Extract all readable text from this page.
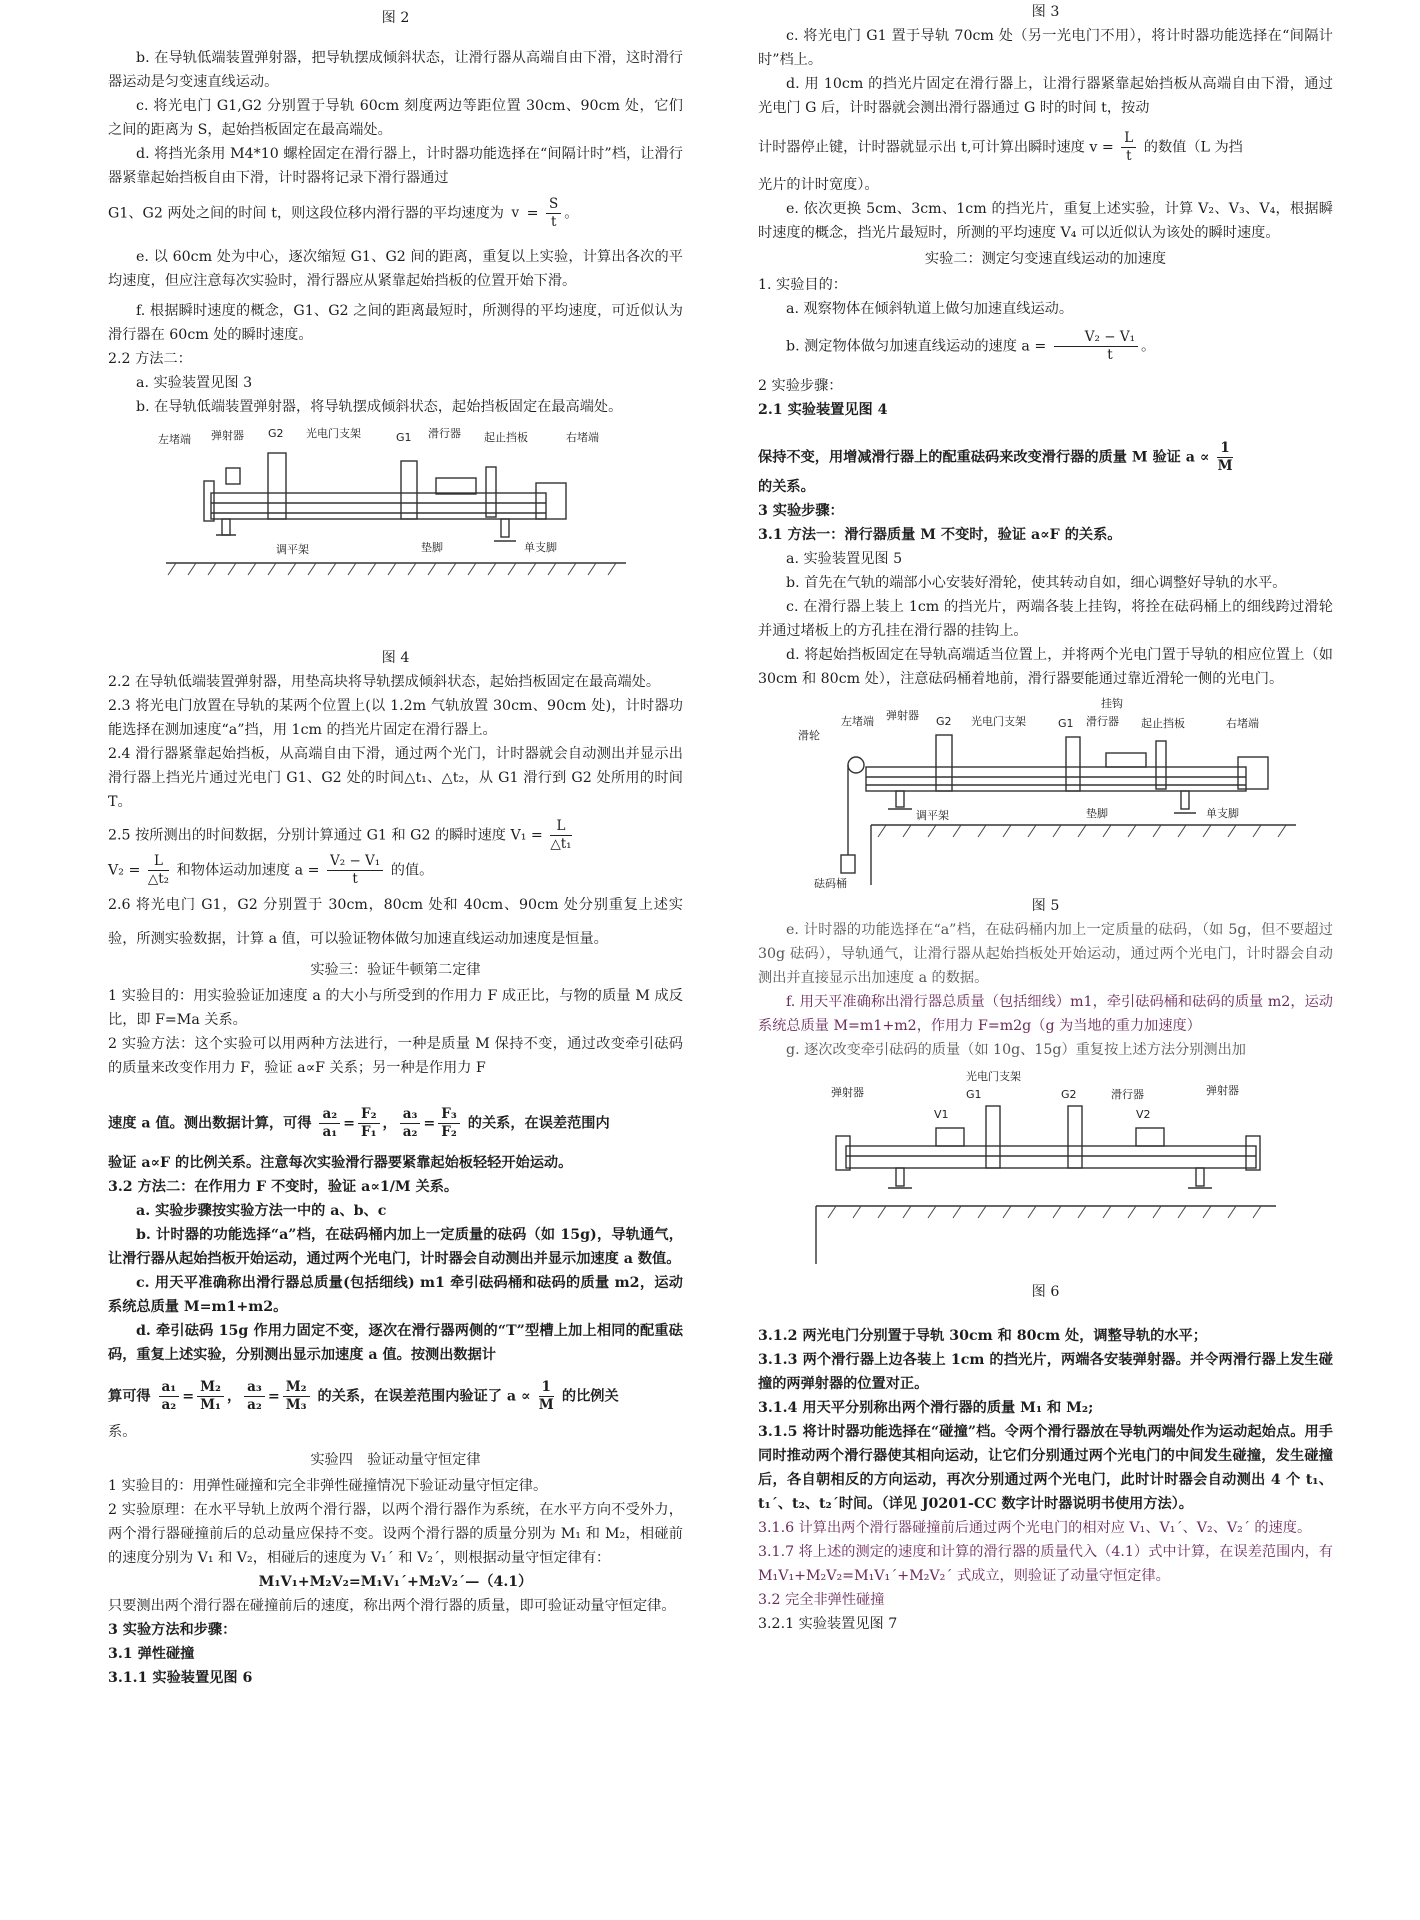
图 2

b. 在导轨低端装置弹射器，把导轨摆成倾斜状态，让滑行器从高端自由下滑，这时滑行器运动是匀变速直线运动。

c. 将光电门 G1,G2 分别置于导轨 60cm 刻度两边等距位置 30cm、90cm 处，它们之间的距离为 S，起始挡板固定在最高端处。

d. 将挡光条用 M4*10 螺栓固定在滑行器上，计时器功能选择在“间隔计时”档，让滑行器紧靠起始挡板自由下滑，计时器将记录下滑行器通过

G1、G2 两处之间的时间 t，则这段位移内滑行器的平均速度为 $v = \frac{S}{t}$ 。

e. 以 60cm 处为中心，逐次缩短 G1、G2 间的距离，重复以上实验，计算出各次的平均速度，但应注意每次实验时，滑行器应从紧靠起始挡板的位置开始下滑。

f. 根据瞬时速度的概念，G1、G2 之间的距离最短时，所测得的平均速度，可近似认为滑行器在 60cm 处的瞬时速度。

2.2 方法二：

a. 实验装置见图 3

b. 在导轨低端装置弹射器，将导轨摆成倾斜状态，起始挡板固定在最高端处。

左堵端 弹射器 G2 光电门支架	G1 滑行器 起止挡板	右堵端
调平架	垫脚	单支脚

图 4

2.2 在导轨低端装置弹射器，用垫高块将导轨摆成倾斜状态，起始挡板固定在最高端处。

2.3 将光电门放置在导轨的某两个位置上(以 1.2m 气轨放置 30cm、90cm 处)，计时器功能选择在测加速度“a”挡，用 1cm 的挡光片固定在滑行器上。

2.4 滑行器紧靠起始挡板，从高端自由下滑，通过两个光门，计时器就会自动测出并显示出滑行器上挡光片通过光电门 G1、G2 处的时间△t₁、△t₂，从 G1 滑行到 G2 处所用的时间 T。

2.5 按所测出的时间数据，分别计算通过 G1 和 G2 的瞬时速度 $V_1 = \frac{L}{\text{△t₁}}$

$V_2 = \frac{L}{\text{△t₂}}$ 和物体运动加速度 $a = \frac{\text{V₂ − V₁}}{t}$ 的值。

2.6 将光电门 G1，G2 分别置于 30cm，80cm 处和 40cm、90cm 处分别重复上述实验，所测实验数据，计算 a 值，可以验证物体做匀加速直线运动加速度是恒量。

实验三：验证牛顿第二定律

1 实验目的：用实验验证加速度 a 的大小与所受到的作用力 F 成正比，与物的质量 M 成反比，即 F=Ma 关系。

2 实验方法：这个实验可以用两种方法进行，一种是质量 M 保持不变，通过改变牵引砝码的质量来改变作用力 F，验证 a∝F 关系；另一种是作用力 F

速度 a 值。测出数据计算，可得 $\frac{\text{a₂}}{\text{a₁}} = \frac{\text{F₂}}{\text{F₁}}$ ， $\frac{\text{a₃}}{\text{a₂}} = \frac{\text{F₃}}{\text{F₂}}$ 的关系，在误差范围内

验证 a∝F 的比例关系。注意每次实验滑行器要紧靠起始板轻轻开始运动。

3.2 方法二：在作用力 F 不变时，验证 a∝1/M 关系。

a. 实验步骤按实验方法一中的 a、b、c

b. 计时器的功能选择“a”档，在砝码桶内加上一定质量的砝码（如 15g)，导轨通气，让滑行器从起始挡板开始运动，通过两个光电门，计时器会自动测出并显示加速度 a 数值。

c. 用天平准确称出滑行器总质量(包括细线) m1 牵引砝码桶和砝码的质量 m2，运动系统总质量 M=m1+m2。

d. 牵引砝码 15g 作用力固定不变，逐次在滑行器两侧的“T”型槽上加上相同的配重砝码，重复上述实验，分别测出显示加速度 a 值。按测出数据计

算可得 $\frac{\text{a₁}}{\text{a₂}} = \frac{\text{M₂}}{\text{M₁}}$ ， $\frac{\text{a₃}}{\text{a₂}} = \frac{\text{M₂}}{\text{M₃}}$ 的关系，在误差范围内验证了 $a \propto \frac{1}{M}$ 的比例关

系。

实验四　验证动量守恒定律

1 实验目的：用弹性碰撞和完全非弹性碰撞情况下验证动量守恒定律。

2 实验原理：在水平导轨上放两个滑行器，以两个滑行器作为系统，在水平方向不受外力，两个滑行器碰撞前后的总动量应保持不变。设两个滑行器的质量分别为 M₁ 和 M₂，相碰前的速度分别为 V₁ 和 V₂，相碰后的速度为 V₁´ 和 V₂´，则根据动量守恒定律有：

M₁V₁+M₂V₂=M₁V₁´+M₂V₂´—（4.1）

只要测出两个滑行器在碰撞前后的速度，称出两个滑行器的质量，即可验证动量守恒定律。

3 实验方法和步骤：

3.1 弹性碰撞

3.1.1 实验装置见图 6

图 3

c. 将光电门 G1 置于导轨 70cm 处（另一光电门不用），将计时器功能选择在“间隔计时”档上。

d. 用 10cm 的挡光片固定在滑行器上，让滑行器紧靠起始挡板从高端自由下滑，通过光电门 G 后，计时器就会测出滑行器通过 G 时的时间 t，按动

计时器停止键，计时器就显示出 t,可计算出瞬时速度 $v = \frac{L}{t}$ 的数值（L 为挡

光片的计时宽度）。

e. 依次更换 5cm、3cm、1cm 的挡光片，重复上述实验，计算 V₂、V₃、V₄，根据瞬时速度的概念，挡光片最短时，所测的平均速度 V₄ 可以近似认为该处的瞬时速度。

实验二：测定匀变速直线运动的加速度

1. 实验目的：

a. 观察物体在倾斜轨道上做匀加速直线运动。

b. 测定物体做匀加速直线运动的速度 $a = \frac{\text{V₂ − V₁}}{t}$ 。

2 实验步骤：

2.1 实验装置见图 4

保持不变，用增减滑行器上的配重砝码来改变滑行器的质量 M 验证 $a \propto \frac{1}{M}$

的关系。

3 实验步骤：

3.1 方法一：滑行器质量 M 不变时，验证 a∝F 的关系。

a. 实验装置见图 5

b. 首先在气轨的端部小心安装好滑轮，使其转动自如，细心调整好导轨的水平。

c. 在滑行器上装上 1cm 的挡光片，两端各装上挂钩，将拴在砝码桶上的细线跨过滑轮并通过堵板上的方孔挂在滑行器的挂钩上。

d. 将起始挡板固定在导轨高端适当位置上，并将两个光电门置于导轨的相应位置上（如 30cm 和 80cm 处），注意砝码桶着地前，滑行器要能通过靠近滑轮一侧的光电门。

挂钩
左堵端 弹射器
滑轮
G2 光电门支架	G1 滑行器 起止挡板	右堵端
调平架	垫脚	单支脚
砝码桶

图 5

e. 计时器的功能选择在“a”档，在砝码桶内加上一定质量的砝码，（如 5g，但不要超过 30g 砝码），导轨通气，让滑行器从起始挡板处开始运动，通过两个光电门，计时器会自动测出并直接显示出加速度 a 的数据。

f. 用天平准确称出滑行器总质量（包括细线）m1，牵引砝码桶和砝码的质量 m2，运动系统总质量 M=m1+m2，作用力 F=m2g（g 为当地的重力加速度）

g. 逐次改变牵引砝码的质量（如 10g、15g）重复按上述方法分别测出加

弹射器
光电门支架
G1	G2	滑行器	弹射器
V1	V2

图 6

3.1.2 两光电门分别置于导轨 30cm 和 80cm 处，调整导轨的水平；

3.1.3 两个滑行器上边各装上 1cm 的挡光片，两端各安装弹射器。并令两滑行器上发生碰撞的两弹射器的位置对正。

3.1.4 用天平分别称出两个滑行器的质量 M₁ 和 M₂;

3.1.5 将计时器功能选择在“碰撞”档。令两个滑行器放在导轨两端处作为运动起始点。用手同时推动两个滑行器使其相向运动，让它们分别通过两个光电门的中间发生碰撞，发生碰撞后，各自朝相反的方向运动，再次分别通过两个光电门，此时计时器会自动测出 4 个 t₁、t₁´、t₂、t₂´时间。（详见 J0201-CC 数字计时器说明书使用方法）。

3.1.6 计算出两个滑行器碰撞前后通过两个光电门的相对应 V₁、V₁´、V₂、V₂´ 的速度。

3.1.7 将上述的测定的速度和计算的滑行器的质量代入（4.1）式中计算，在误差范围内，有 M₁V₁+M₂V₂=M₁V₁´+M₂V₂´ 式成立，则验证了动量守恒定律。

3.2 完全非弹性碰撞

3.2.1 实验装置见图 7
